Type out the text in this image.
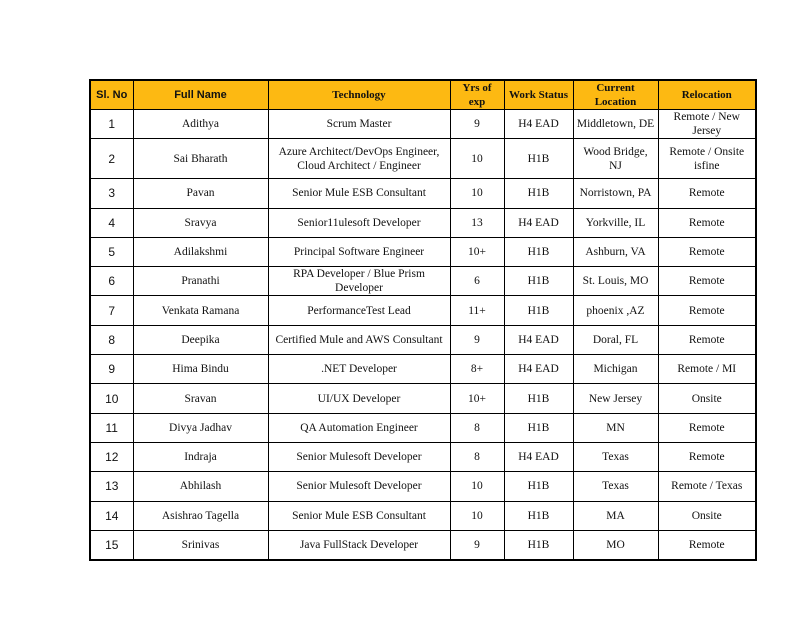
Sl. No	Full Name	Technology	Yrs of exp	Work Status	Current Location	Relocation
1	Adithya	Scrum Master	9	H4 EAD	Middletown, DE	Remote / New Jersey
2	Sai Bharath	Azure Architect/DevOps Engineer, Cloud Architect / Engineer	10	H1B	Wood Bridge, NJ	Remote / Onsite isfine
3	Pavan	Senior Mule ESB Consultant	10	H1B	Norristown, PA	Remote
4	Sravya	Senior11ulesoft Developer	13	H4 EAD	Yorkville, IL	Remote
5	Adilakshmi	Principal Software Engineer	10+	H1B	Ashburn, VA	Remote
6	Pranathi	RPA Developer / Blue Prism Developer	6	H1B	St. Louis, MO	Remote
7	Venkata Ramana	PerformanceTest Lead	11+	H1B	phoenix ,AZ	Remote
8	Deepika	Certified Mule and AWS Consultant	9	H4 EAD	Doral, FL	Remote
9	Hima Bindu	.NET Developer	8+	H4 EAD	Michigan	Remote / MI
10	Sravan	UI/UX Developer	10+	H1B	New Jersey	Onsite
11	Divya Jadhav	QA Automation Engineer	8	H1B	MN	Remote
12	Indraja	Senior Mulesoft Developer	8	H4 EAD	Texas	Remote
13	Abhilash	Senior Mulesoft Developer	10	H1B	Texas	Remote / Texas
14	Asishrao Tagella	Senior Mule ESB Consultant	10	H1B	MA	Onsite
15	Srinivas	Java FullStack Developer	9	H1B	MO	Remote
